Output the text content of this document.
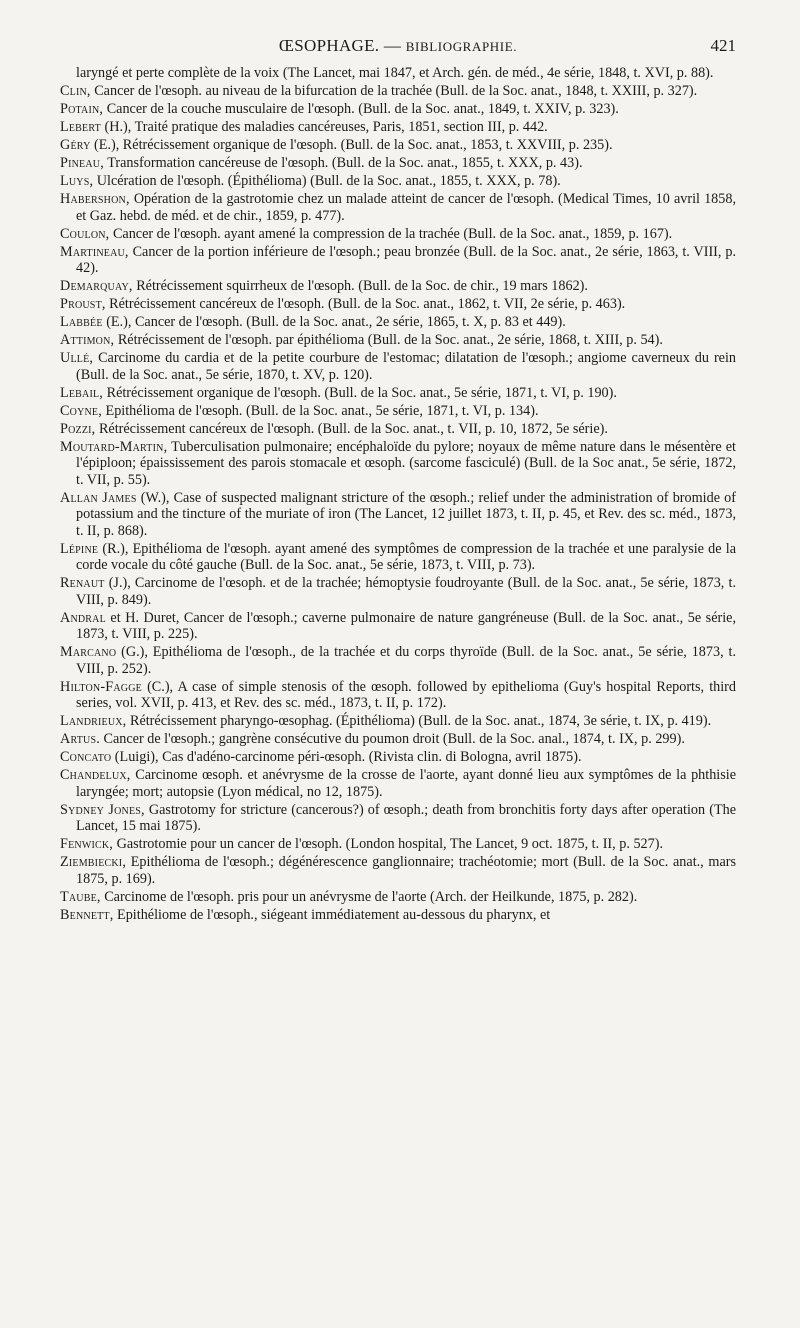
ŒSOPHAGE. — BIBLIOGRAPHIE.	421

laryngé et perte complète de la voix (The Lancet, mai 1847, et Arch. gén. de méd., 4e série, 1848, t. XVI, p. 88).

Clin, Cancer de l'œsoph. au niveau de la bifurcation de la trachée (Bull. de la Soc. anat., 1848, t. XXIII, p. 327).

Potain, Cancer de la couche musculaire de l'œsoph. (Bull. de la Soc. anat., 1849, t. XXIV, p. 323).

Lebert (H.), Traité pratique des maladies cancéreuses, Paris, 1851, section III, p. 442.

Géry (E.), Rétrécissement organique de l'œsoph. (Bull. de la Soc. anat., 1853, t. XXVIII, p. 235).

Pineau, Transformation cancéreuse de l'œsoph. (Bull. de la Soc. anat., 1855, t. XXX, p. 43).

Luys, Ulcération de l'œsoph. (Épithélioma) (Bull. de la Soc. anat., 1855, t. XXX, p. 78).

Habershon, Opération de la gastrotomie chez un malade atteint de cancer de l'œsoph. (Medical Times, 10 avril 1858, et Gaz. hebd. de méd. et de chir., 1859, p. 477).

Coulon, Cancer de l'œsoph. ayant amené la compression de la trachée (Bull. de la Soc. anat., 1859, p. 167).

Martineau, Cancer de la portion inférieure de l'œsoph.; peau bronzée (Bull. de la Soc. anat., 2e série, 1863, t. VIII, p. 42).

Demarquay, Rétrécissement squirrheux de l'œsoph. (Bull. de la Soc. de chir., 19 mars 1862).

Proust, Rétrécissement cancéreux de l'œsoph. (Bull. de la Soc. anat., 1862, t. VII, 2e série, p. 463).

Labbée (E.), Cancer de l'œsoph. (Bull. de la Soc. anat., 2e série, 1865, t. X, p. 83 et 449).

Attimon, Rétrécissement de l'œsoph. par épithélioma (Bull. de la Soc. anat., 2e série, 1868, t. XIII, p. 54).

Ullé, Carcinome du cardia et de la petite courbure de l'estomac; dilatation de l'œsoph.; angiome caverneux du rein (Bull. de la Soc. anat., 5e série, 1870, t. XV, p. 120).

Lebail, Rétrécissement organique de l'œsoph. (Bull. de la Soc. anat., 5e série, 1871, t. VI, p. 190).

Coyne, Epithélioma de l'œsoph. (Bull. de la Soc. anat., 5e série, 1871, t. VI, p. 134).

Pozzi, Rétrécissement cancéreux de l'œsoph. (Bull. de la Soc. anat., t. VII, p. 10, 1872, 5e série).

Moutard-Martin, Tuberculisation pulmonaire; encéphaloïde du pylore; noyaux de même nature dans le mésentère et l'épiploon; épaississement des parois stomacale et œsoph. (sarcome fasciculé) (Bull. de la Soc anat., 5e série, 1872, t. VII, p. 55).

Allan James (W.), Case of suspected malignant stricture of the œsoph.; relief under the administration of bromide of potassium and the tincture of the muriate of iron (The Lancet, 12 juillet 1873, t. II, p. 45, et Rev. des sc. méd., 1873, t. II, p. 868).

Lépine (R.), Epithélioma de l'œsoph. ayant amené des symptômes de compression de la trachée et une paralysie de la corde vocale du côté gauche (Bull. de la Soc. anat., 5e série, 1873, t. VIII, p. 73).

Renaut (J.), Carcinome de l'œsoph. et de la trachée; hémoptysie foudroyante (Bull. de la Soc. anat., 5e série, 1873, t. VIII, p. 849).

Andral et H. Duret, Cancer de l'œsoph.; caverne pulmonaire de nature gangréneuse (Bull. de la Soc. anat., 5e série, 1873, t. VIII, p. 225).

Marcano (G.), Epithélioma de l'œsoph., de la trachée et du corps thyroïde (Bull. de la Soc. anat., 5e série, 1873, t. VIII, p. 252).

Hilton-Fagge (C.), A case of simple stenosis of the œsoph. followed by epithelioma (Guy's hospital Reports, third series, vol. XVII, p. 413, et Rev. des sc. méd., 1873, t. II, p. 172).

Landrieux, Rétrécissement pharyngo-œsophag. (Épithélioma) (Bull. de la Soc. anat., 1874, 3e série, t. IX, p. 419).

Artus. Cancer de l'œsoph.; gangrène consécutive du poumon droit (Bull. de la Soc. anal., 1874, t. IX, p. 299).

Concato (Luigi), Cas d'adéno-carcinome péri-œsoph. (Rivista clin. di Bologna, avril 1875).

Chandelux, Carcinome œsoph. et anévrysme de la crosse de l'aorte, ayant donné lieu aux symptômes de la phthisie laryngée; mort; autopsie (Lyon médical, no 12, 1875).

Sydney Jones, Gastrotomy for stricture (cancerous?) of œsoph.; death from bronchitis forty days after operation (The Lancet, 15 mai 1875).

Fenwick, Gastrotomie pour un cancer de l'œsoph. (London hospital, The Lancet, 9 oct. 1875, t. II, p. 527).

Ziembiecki, Epithélioma de l'œsoph.; dégénérescence ganglionnaire; trachéotomie; mort (Bull. de la Soc. anat., mars 1875, p. 169).

Taube, Carcinome de l'œsoph. pris pour un anévrysme de l'aorte (Arch. der Heilkunde, 1875, p. 282).

Bennett, Epithéliome de l'œsoph., siégeant immédiatement au-dessous du pharynx, et
